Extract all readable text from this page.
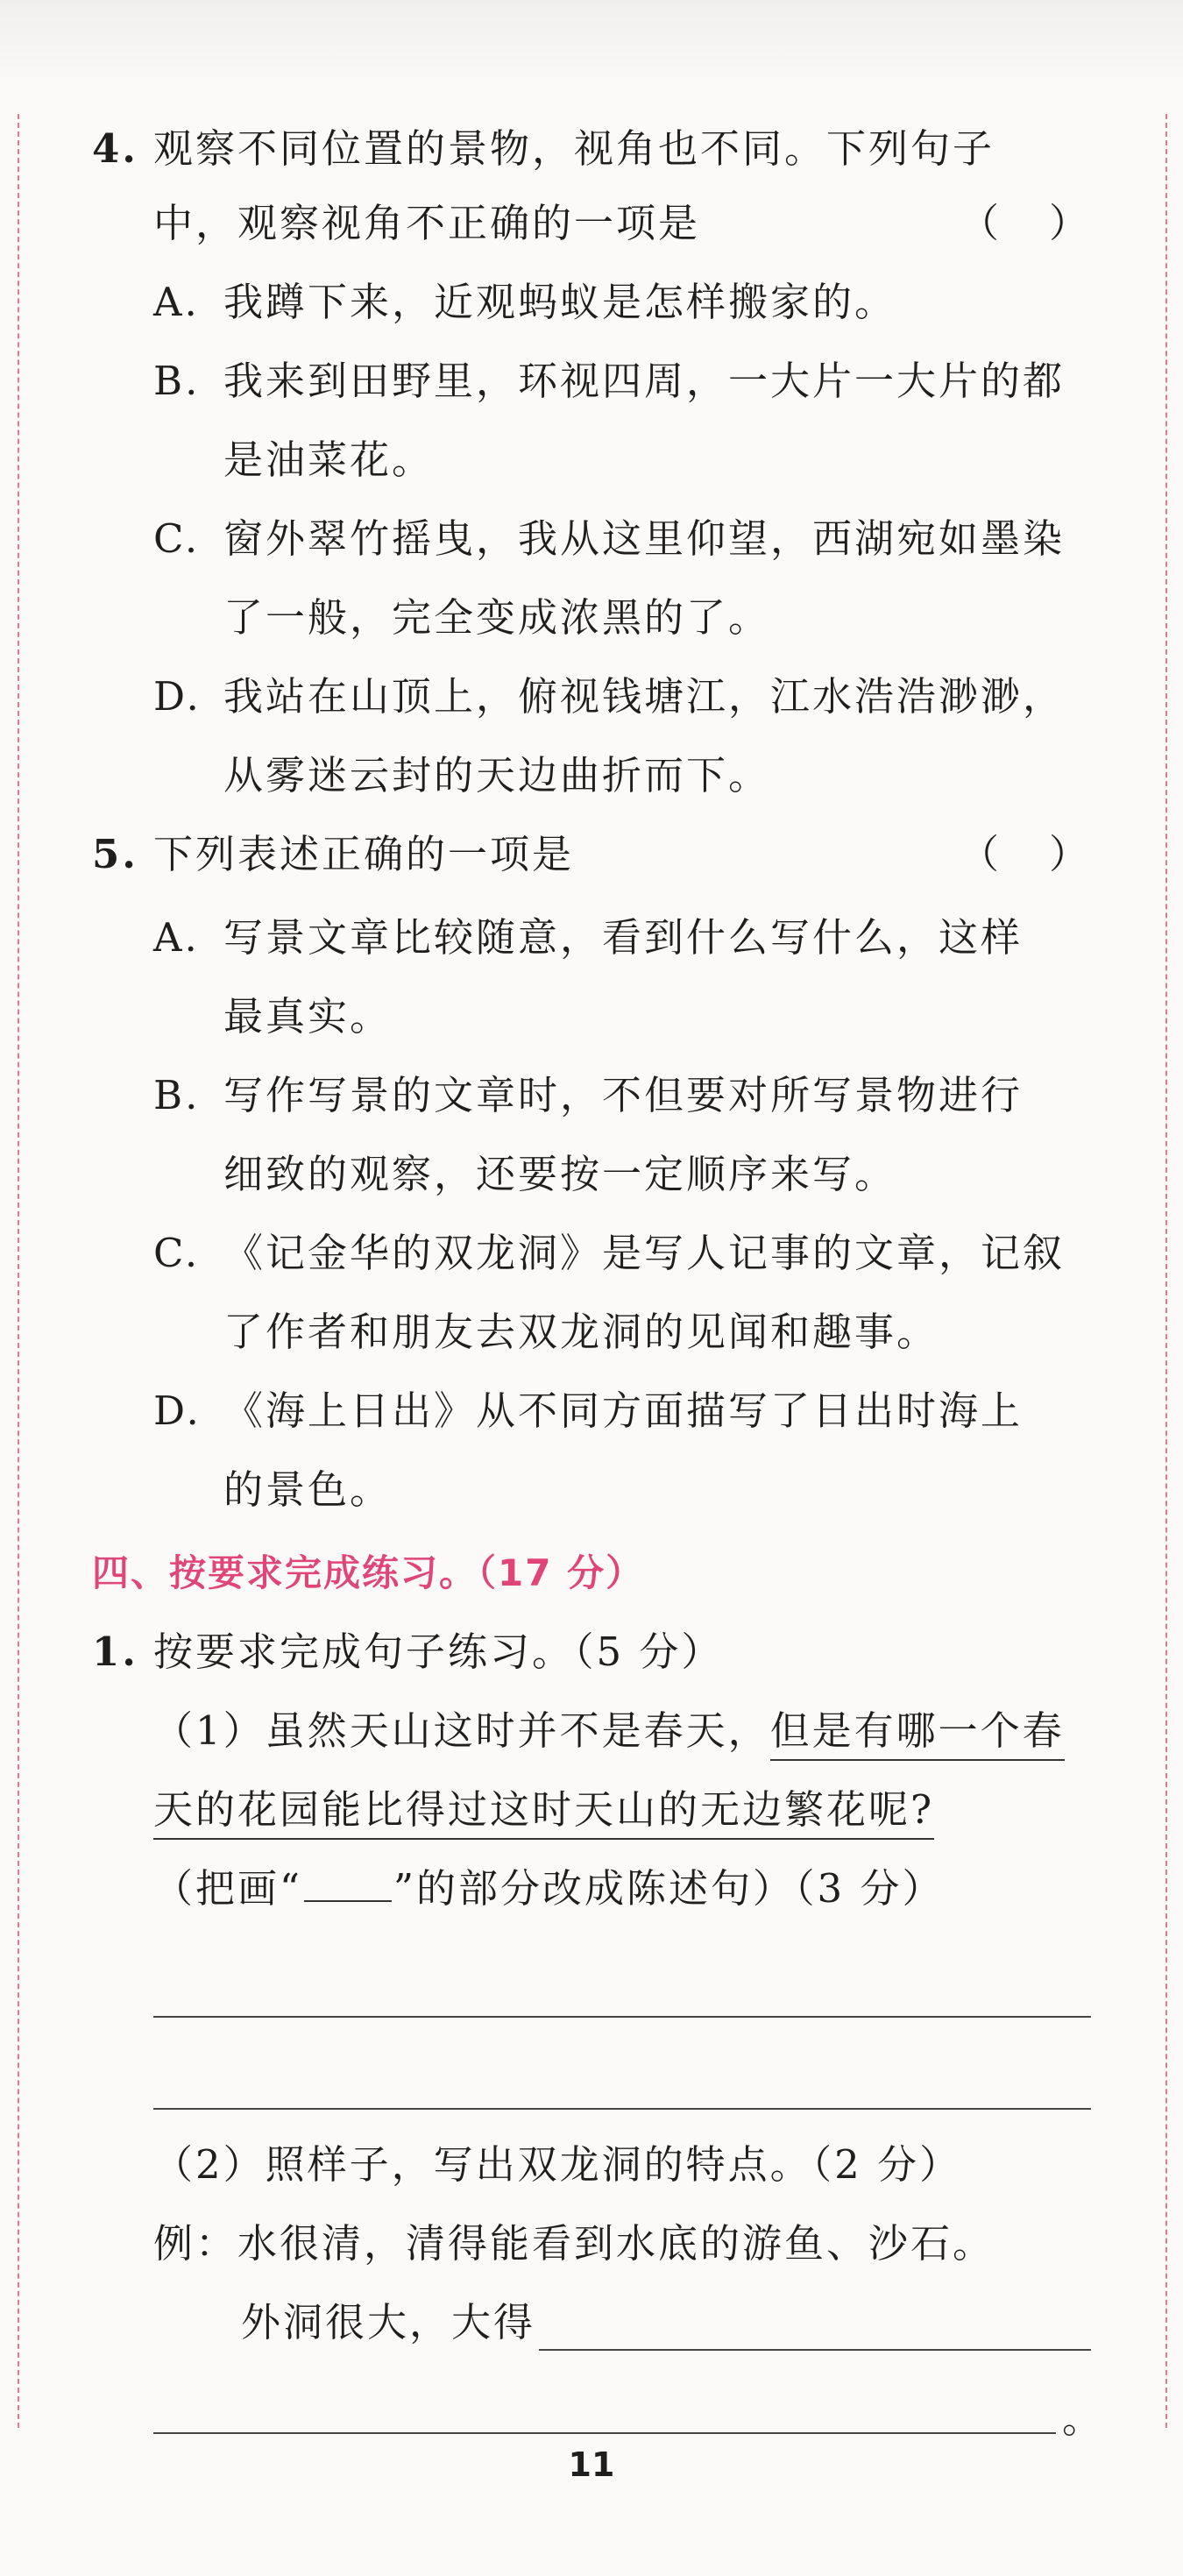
4. 观察不同位置的景物，视角也不同。下列句子
中，观察视角不正确的一项是	（ ）
A. 我蹲下来，近观蚂蚁是怎样搬家的。
B. 我来到田野里，环视四周，一大片一大片的都
是油菜花。
C. 窗外翠竹摇曳，我从这里仰望，西湖宛如墨染
了一般，完全变成浓黑的了。
D. 我站在山顶上，俯视钱塘江，江水浩浩渺渺，
从雾迷云封的天边曲折而下。
5. 下列表述正确的一项是	（ ）
A. 写景文章比较随意，看到什么写什么，这样
最真实。
B. 写作写景的文章时，不但要对所写景物进行
细致的观察，还要按一定顺序来写。
C. 《记金华的双龙洞》是写人记事的文章，记叙
了作者和朋友去双龙洞的见闻和趣事。
D. 《海上日出》从不同方面描写了日出时海上
的景色。
四、按要求完成练习。（17 分）
1. 按要求完成句子练习。（5 分）
（1）虽然天山这时并不是春天，但是有哪一个春
天的花园能比得过这时天山的无边繁花呢?
（把画“ ”的部分改成陈述句）（3 分）
（2）照样子，写出双龙洞的特点。（2 分）
例：水很清，清得能看到水底的游鱼、沙石。
外洞很大，大得
。
11
